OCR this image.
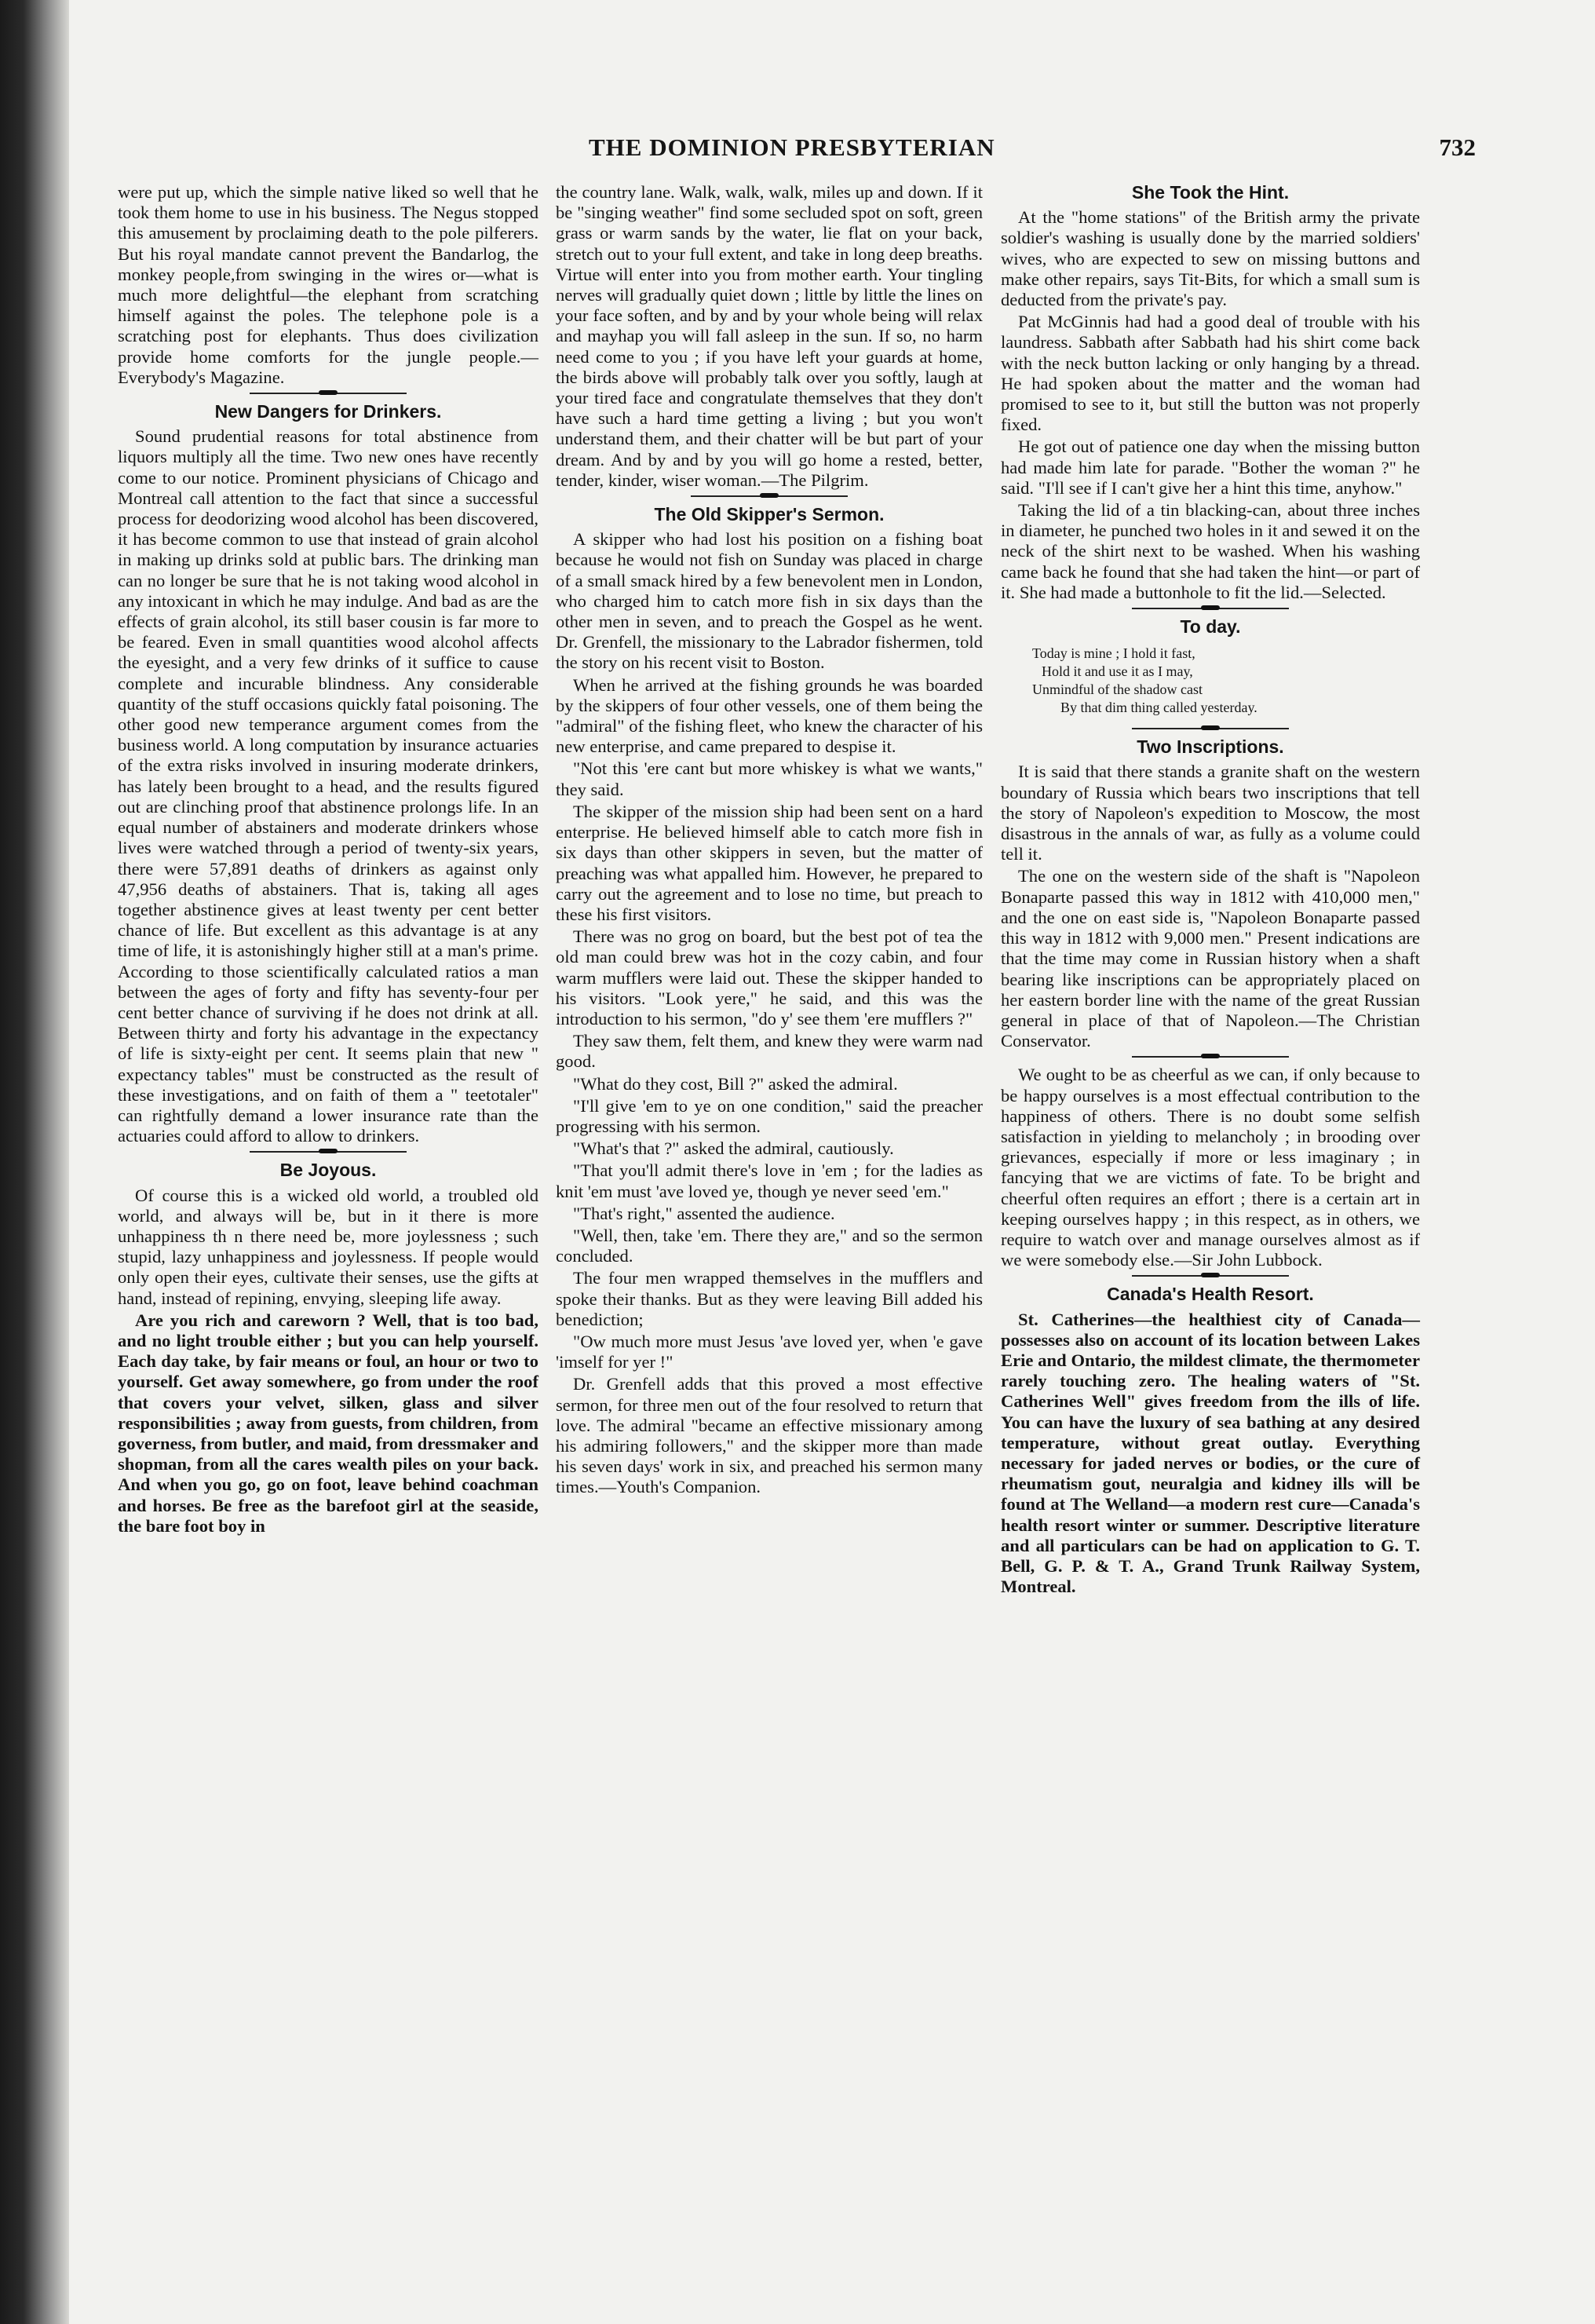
THE DOMINION PRESBYTERIAN	732

were put up, which the simple native liked so well that he took them home to use in his business. The Negus stopped this amusement by proclaiming death to the pole pilferers. But his royal mandate cannot prevent the Bandarlog, the monkey people,from swinging in the wires or—what is much more delightful—the elephant from scratching himself against the poles. The telephone pole is a scratching post for elephants. Thus does civilization provide home comforts for the jungle people.—Everybody's Magazine.

New Dangers for Drinkers.

Sound prudential reasons for total abstinence from liquors multiply all the time. Two new ones have recently come to our notice. Prominent physicians of Chicago and Montreal call attention to the fact that since a successful process for deodorizing wood alcohol has been discovered, it has become common to use that instead of grain alcohol in making up drinks sold at public bars. The drinking man can no longer be sure that he is not taking wood alcohol in any intoxicant in which he may indulge. And bad as are the effects of grain alcohol, its still baser cousin is far more to be feared. Even in small quantities wood alcohol affects the eyesight, and a very few drinks of it suffice to cause complete and incurable blindness. Any considerable quantity of the stuff occasions quickly fatal poisoning. The other good new temperance argument comes from the business world. A long computation by insurance actuaries of the extra risks involved in insuring moderate drinkers, has lately been brought to a head, and the results figured out are clinching proof that abstinence prolongs life. In an equal number of abstainers and moderate drinkers whose lives were watched through a period of twenty-six years, there were 57,891 deaths of drinkers as against only 47,956 deaths of abstainers. That is, taking all ages together abstinence gives at least twenty per cent better chance of life. But excellent as this advantage is at any time of life, it is astonishingly higher still at a man's prime. According to those scientifically calculated ratios a man between the ages of forty and fifty has seventy-four per cent better chance of surviving if he does not drink at all. Between thirty and forty his advantage in the expectancy of life is sixty-eight per cent. It seems plain that new " expectancy tables" must be constructed as the result of these investigations, and on faith of them a " teetotaler" can rightfully demand a lower insurance rate than the actuaries could afford to allow to drinkers.

Be Joyous.

Of course this is a wicked old world, a troubled old world, and always will be, but in it there is more unhappiness th n there need be, more joylessness ; such stupid, lazy unhappiness and joylessness. If people would only open their eyes, cultivate their senses, use the gifts at hand, instead of repining, envying, sleeping life away.

Are you rich and careworn ? Well, that is too bad, and no light trouble either ; but you can help yourself. Each day take, by fair means or foul, an hour or two to yourself. Get away somewhere, go from under the roof that covers your velvet, silken, glass and silver responsibilities ; away from guests, from children, from governess, from butler, and maid, from dressmaker and shopman, from all the cares wealth piles on your back. And when you go, go on foot, leave behind coachman and horses. Be free as the barefoot girl at the seaside, the bare foot boy in

the country lane. Walk, walk, walk, miles up and down. If it be "singing weather" find some secluded spot on soft, green grass or warm sands by the water, lie flat on your back, stretch out to your full extent, and take in long deep breaths. Virtue will enter into you from mother earth. Your tingling nerves will gradually quiet down ; little by little the lines on your face soften, and by and by your whole being will relax and mayhap you will fall asleep in the sun. If so, no harm need come to you ; if you have left your guards at home, the birds above will probably talk over you softly, laugh at your tired face and congratulate themselves that they don't have such a hard time getting a living ; but you won't understand them, and their chatter will be but part of your dream. And by and by you will go home a rested, better, tender, kinder, wiser woman.—The Pilgrim.

The Old Skipper's Sermon.

A skipper who had lost his position on a fishing boat because he would not fish on Sunday was placed in charge of a small smack hired by a few benevolent men in London, who charged him to catch more fish in six days than the other men in seven, and to preach the Gospel as he went. Dr. Grenfell, the missionary to the Labrador fishermen, told the story on his recent visit to Boston.

When he arrived at the fishing grounds he was boarded by the skippers of four other vessels, one of them being the "admiral" of the fishing fleet, who knew the character of his new enterprise, and came prepared to despise it.

"Not this 'ere cant but more whiskey is what we wants," they said.

The skipper of the mission ship had been sent on a hard enterprise. He believed himself able to catch more fish in six days than other skippers in seven, but the matter of preaching was what appalled him. However, he prepared to carry out the agreement and to lose no time, but preach to these his first visitors.

There was no grog on board, but the best pot of tea the old man could brew was hot in the cozy cabin, and four warm mufflers were laid out. These the skipper handed to his visitors. "Look yere," he said, and this was the introduction to his sermon, "do y' see them 'ere mufflers ?"

They saw them, felt them, and knew they were warm nad good.

"What do they cost, Bill ?" asked the admiral.

"I'll give 'em to ye on one condition," said the preacher progressing with his sermon.

"What's that ?" asked the admiral, cautiously.

"That you'll admit there's love in 'em ; for the ladies as knit 'em must 'ave loved ye, though ye never seed 'em."

"That's right," assented the audience.

"Well, then, take 'em. There they are," and so the sermon concluded.

The four men wrapped themselves in the mufflers and spoke their thanks. But as they were leaving Bill added his benediction;

"Ow much more must Jesus 'ave loved yer, when 'e gave 'imself for yer !"

Dr. Grenfell adds that this proved a most effective sermon, for three men out of the four resolved to return that love. The admiral "became an effective missionary among his admiring followers," and the skipper more than made his seven days' work in six, and preached his sermon many times.—Youth's Companion.

She Took the Hint.

At the "home stations" of the British army the private soldier's washing is usually done by the married soldiers' wives, who are expected to sew on missing buttons and make other repairs, says Tit-Bits, for which a small sum is deducted from the private's pay.

Pat McGinnis had had a good deal of trouble with his laundress. Sabbath after Sabbath had his shirt come back with the neck button lacking or only hanging by a thread. He had spoken about the matter and the woman had promised to see to it, but still the button was not properly fixed.

He got out of patience one day when the missing button had made him late for parade. "Bother the woman ?" he said. "I'll see if I can't give her a hint this time, anyhow."

Taking the lid of a tin blacking-can, about three inches in diameter, he punched two holes in it and sewed it on the neck of the shirt next to be washed. When his washing came back he found that she had taken the hint—or part of it. She had made a buttonhole to fit the lid.—Selected.

To day.
Today is mine ; I hold it fast,
Hold it and use it as I may,
Unmindful of the shadow cast
By that dim thing called yesterday.
Two Inscriptions.

It is said that there stands a granite shaft on the western boundary of Russia which bears two inscriptions that tell the story of Napoleon's expedition to Moscow, the most disastrous in the annals of war, as fully as a volume could tell it.

The one on the western side of the shaft is "Napoleon Bonaparte passed this way in 1812 with 410,000 men," and the one on east side is, "Napoleon Bonaparte passed this way in 1812 with 9,000 men." Present indications are that the time may come in Russian history when a shaft bearing like inscriptions can be appropriately placed on her eastern border line with the name of the great Russian general in place of that of Napoleon.—The Christian Conservator.

We ought to be as cheerful as we can, if only because to be happy ourselves is a most effectual contribution to the happiness of others. There is no doubt some selfish satisfaction in yielding to melancholy ; in brooding over grievances, especially if more or less imaginary ; in fancying that we are victims of fate. To be bright and cheerful often requires an effort ; there is a certain art in keeping ourselves happy ; in this respect, as in others, we require to watch over and manage ourselves almost as if we were somebody else.—Sir John Lubbock.

Canada's Health Resort.

St. Catherines—the healthiest city of Canada—possesses also on account of its location between Lakes Erie and Ontario, the mildest climate, the thermometer rarely touching zero. The healing waters of "St. Catherines Well" gives freedom from the ills of life. You can have the luxury of sea bathing at any desired temperature, without great outlay. Everything necessary for jaded nerves or bodies, or the cure of rheumatism gout, neuralgia and kidney ills will be found at The Welland—a modern rest cure—Canada's health resort winter or summer. Descriptive literature and all particulars can be had on application to G. T. Bell, G. P. & T. A., Grand Trunk Railway System, Montreal.
